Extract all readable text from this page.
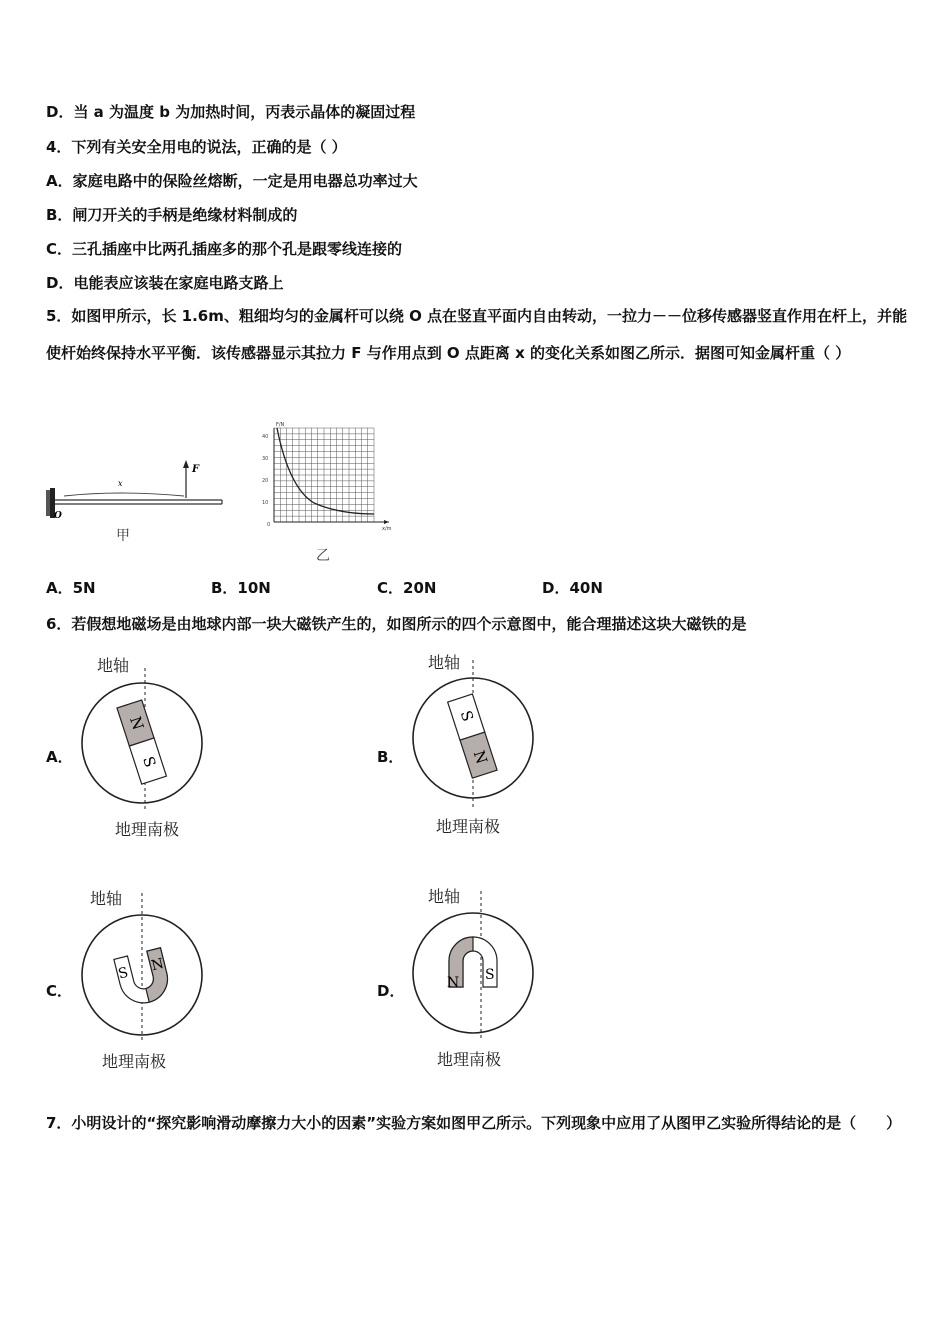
D．当 a 为温度 b 为加热时间，丙表示晶体的凝固过程
4．下列有关安全用电的说法，正确的是（ ）
A．家庭电路中的保险丝熔断，一定是用电器总功率过大
B．闸刀开关的手柄是绝缘材料制成的
C．三孔插座中比两孔插座多的那个孔是跟零线连接的
D．电能表应该装在家庭电路支路上
5．如图甲所示，长 1.6m、粗细均匀的金属杆可以绕 O 点在竖直平面内自由转动，一拉力－－位移传感器竖直作用在杆上，并能使杆始终保持水平平衡．该传感器显示其拉力 F 与作用点到 O 点距离 x 的变化关系如图乙所示．据图可知金属杆重（ ）
F
O
x
甲
F/N
x/m
40
30
20
10
0
乙
A．5N	B．10N	C．20N	D．40N
6．若假想地磁场是由地球内部一块大磁铁产生的，如图所示的四个示意图中，能合理描述这块大磁铁的是
地轴
A．
N
S
地理南极
地轴
B．
S
N
地理南极
地轴
C．
S N
地理南极
地轴
D．	N S
地理南极
7．小明设计的“探究影响滑动摩擦力大小的因素”实验方案如图甲乙所示。下列现象中应用了从图甲乙实验所得结论的是（　　）
